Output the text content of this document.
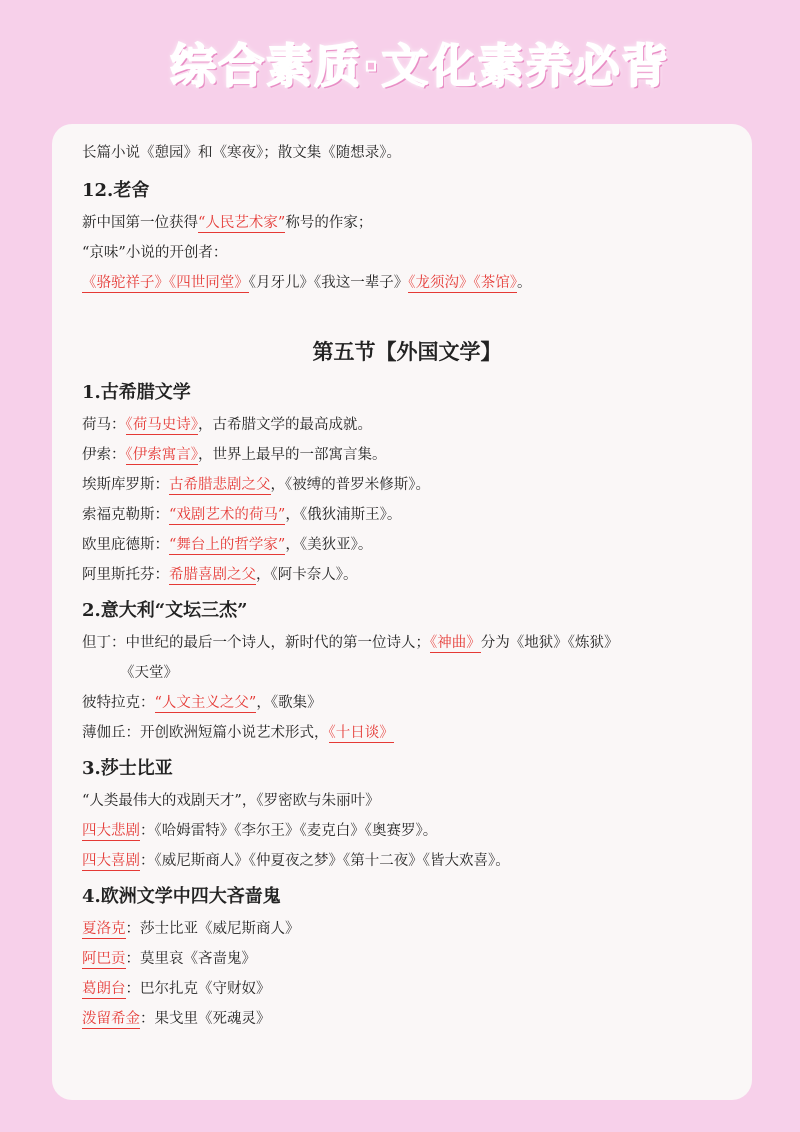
综合素质·文化素养必背
长篇小说《憩园》和《寒夜》；散文集《随想录》。
12.老舍
新中国第一位获得“人民艺术家”称号的作家；
“京味”小说的开创者：
《骆驼祥子》《四世同堂》《月牙儿》《我这一辈子》《龙须沟》《茶馆》。
第五节【外国文学】
1.古希腊文学
荷马：《荷马史诗》，古希腊文学的最高成就。
伊索：《伊索寓言》，世界上最早的一部寓言集。
埃斯库罗斯：古希腊悲剧之父，《被缚的普罗米修斯》。
索福克勒斯：“戏剧艺术的荷马”，《俄狄浦斯王》。
欧里庇德斯：“舞台上的哲学家”，《美狄亚》。
阿里斯托芬：希腊喜剧之父，《阿卡奈人》。
2.意大利“文坛三杰”
但丁：中世纪的最后一个诗人，新时代的第一位诗人；《神曲》分为《地狱》《炼狱》
《天堂》
彼特拉克：“人文主义之父”，《歌集》
薄伽丘：开创欧洲短篇小说艺术形式，《十日谈》
3.莎士比亚
“人类最伟大的戏剧天才”，《罗密欧与朱丽叶》
四大悲剧：《哈姆雷特》《李尔王》《麦克白》《奥赛罗》。
四大喜剧：《威尼斯商人》《仲夏夜之梦》《第十二夜》《皆大欢喜》。
4.欧洲文学中四大吝啬鬼
夏洛克：莎士比亚《威尼斯商人》
阿巴贡：莫里哀《吝啬鬼》
葛朗台：巴尔扎克《守财奴》
泼留希金：果戈里《死魂灵》
